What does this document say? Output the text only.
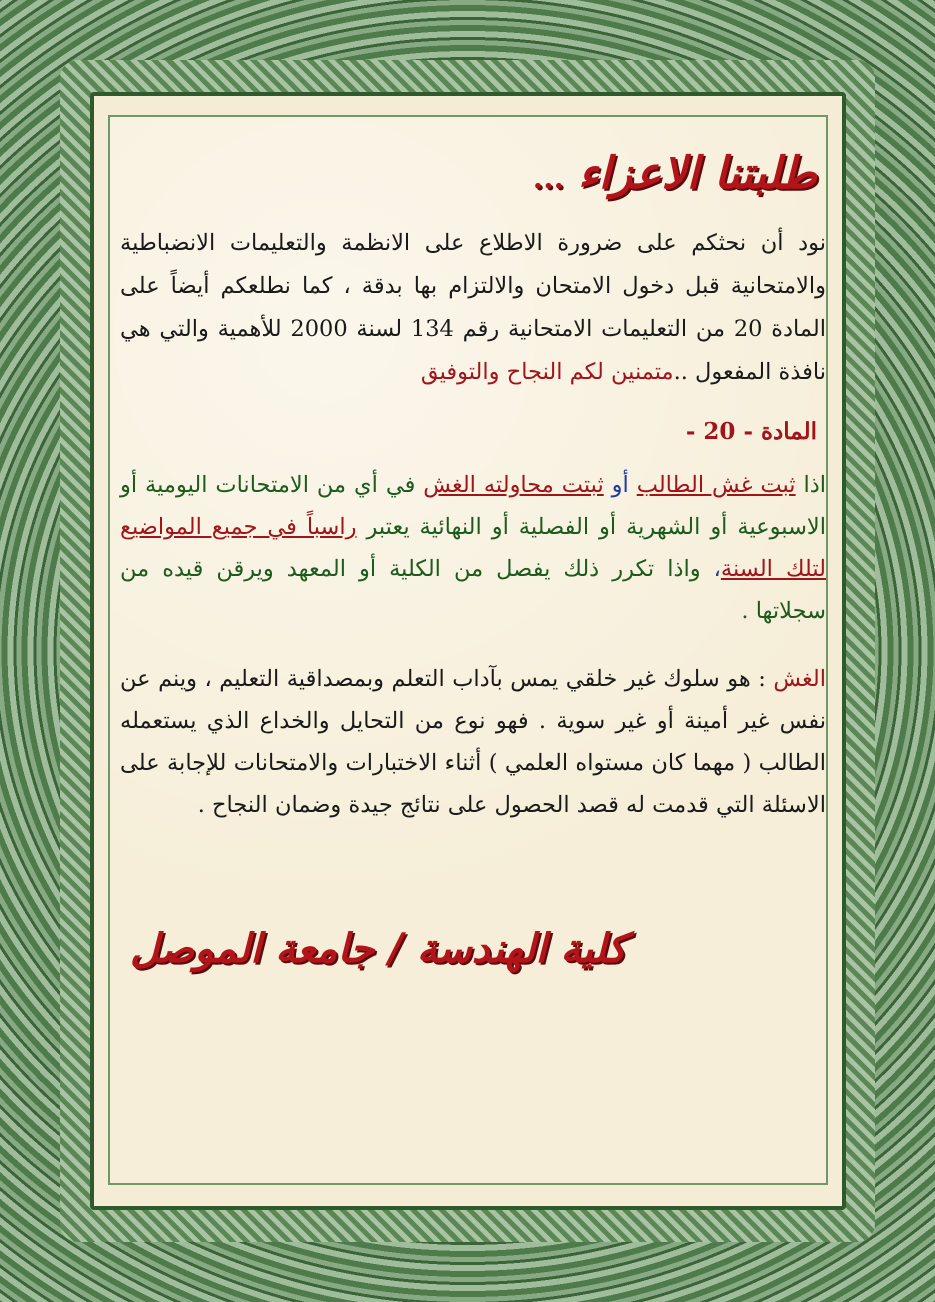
طلبتنا الاعزاء...
نود أن نحثكم على ضرورة الاطلاع على الانظمة والتعليمات الانضباطية والامتحانية قبل دخول الامتحان والالتزام بها بدقة ، كما نطلعكم أيضاً على المادة 20 من التعليمات الامتحانية رقم 134 لسنة 2000 للأهمية والتي هي نافذة المفعول ..متمنين لكم النجاح والتوفيق
المادة - 20 -
اذا ثبت غش الطالب أو ثبتت محاولته الغش في أي من الامتحانات اليومية أو الاسبوعية أو الشهرية أو الفصلية أو النهائية يعتبر راسباً في جميع المواضيع لتلك السنة، واذا تكرر ذلك يفصل من الكلية أو المعهد ويرقن قيده من سجلاتها .
الغش : هو سلوك غير خلقي يمس بآداب التعلم وبمصداقية التعليم ، وينم عن نفس غير أمينة أو غير سوية . فهو نوع من التحايل والخداع الذي يستعمله الطالب ( مهما كان مستواه العلمي ) أثناء الاختبارات والامتحانات للإجابة على الاسئلة التي قدمت له قصد الحصول على نتائج جيدة وضمان النجاح .
كلية الهندسة / جامعة الموصل
